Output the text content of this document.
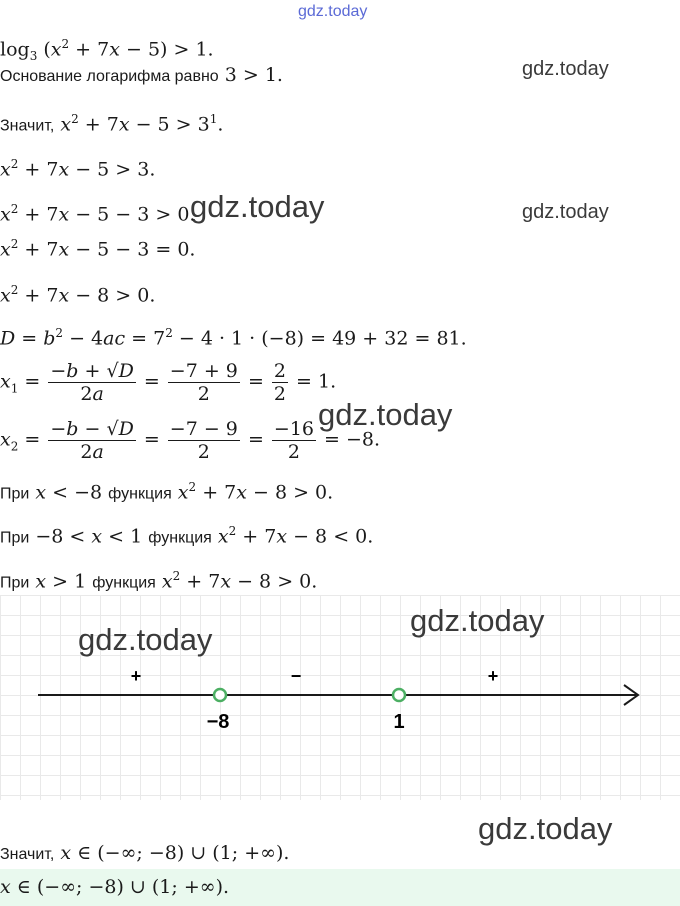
gdz.today
gdz.today
gdz.today
gdz.today
gdz.today
$\log_3 (x^2 + 7x - 5) > 1$.
Основание логарифма равно 3 > 1.
Значит, $x^2 + 7x - 5 > 3^1$.
$x^2 + 7x - 5 > 3$.
$x^2 + 7x - 5 - 3 > 0$.
$x^2 + 7x - 5 - 3 = 0$.
$x^2 + 7x - 8 > 0$.
$D = b^2 - 4ac = 7^2 - 4 \cdot 1 \cdot (-8) = 49 + 32 = 81$.
$x_1 = \frac{-b + √D}{2a} = \frac{-7 + 9}{2} = \frac{2}{2} = 1$.
$x_2 = \frac{-b - √D}{2a} = \frac{-7 - 9}{2} = \frac{-16}{2} = -8$.
При x < −8 функция $x^2 + 7x - 8 > 0$.
При −8 < x < 1 функция $x^2 + 7x - 8 < 0$.
При x > 1 функция $x^2 + 7x - 8 > 0$.
+	−	+
−8	1
gdz.today
gdz.today
gdz.today
Значит, x ∈ (−∞; −8) ∪ (1; +∞).
x ∈ (−∞; −8) ∪ (1; +∞).
